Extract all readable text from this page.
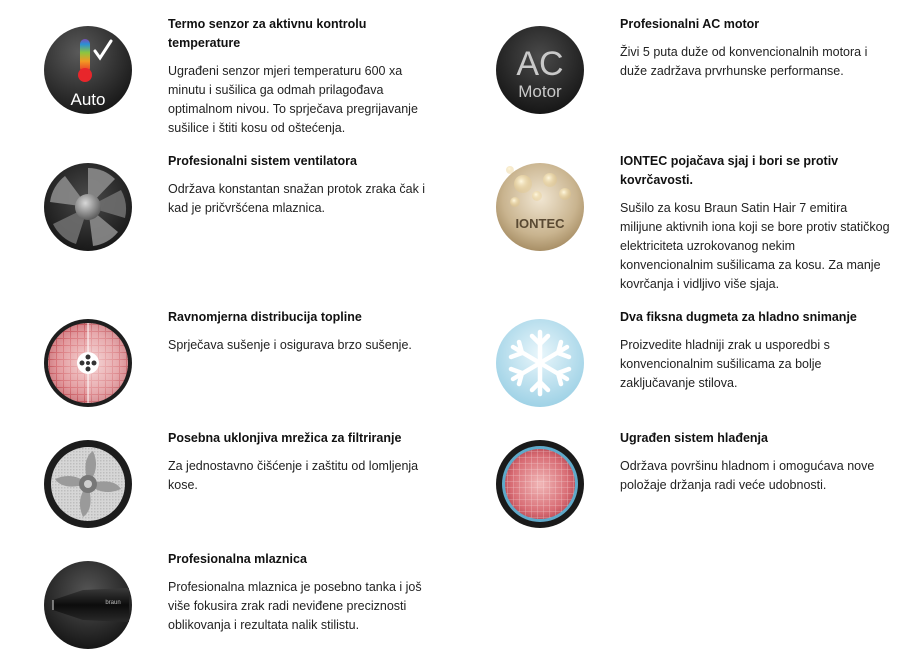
Auto

Termo senzor za aktivnu kontrolu temperature

Ugrađeni senzor mjeri temperaturu 600 xa minutu i sušilica ga odmah prilagođava optimalnom nivou. To sprječava pregrijavanje sušilice i štiti kosu od oštećenja.

Profesionalni sistem ventilatora

Održava konstantan snažan protok zraka čak i kad je pričvršćena mlaznica.

Ravnomjerna distribucija topline

Sprječava sušenje i osigurava brzo sušenje.

Posebna uklonjiva mrežica za filtriranje

Za jednostavno čišćenje i zaštitu od lomljenja kose.

braun

Profesionalna mlaznica

Profesionalna mlaznica je posebno tanka i još više fokusira zrak radi neviđene preciznosti oblikovanja i rezultata nalik stilistu.

AC
Motor

Profesionalni AC motor

Živi 5 puta duže od konvencionalnih motora i duže zadržava prvrhunske performanse.

IONTEC

IONTEC pojačava sjaj i bori se protiv kovrčavosti.

Sušilo za kosu Braun Satin Hair 7 emitira milijune aktivnih iona koji se bore protiv statičkog elektriciteta uzrokovanog nekim konvencionalnim sušilicama za kosu. Za manje kovrčanja i vidljivo više sjaja.

Dva fiksna dugmeta za hladno snimanje

Proizvedite hladniji zrak u usporedbi s konvencionalnim sušilicama za bolje zaključavanje stilova.

Ugrađen sistem hlađenja

Održava površinu hladnom i omogućava nove položaje držanja radi veće udobnosti.
